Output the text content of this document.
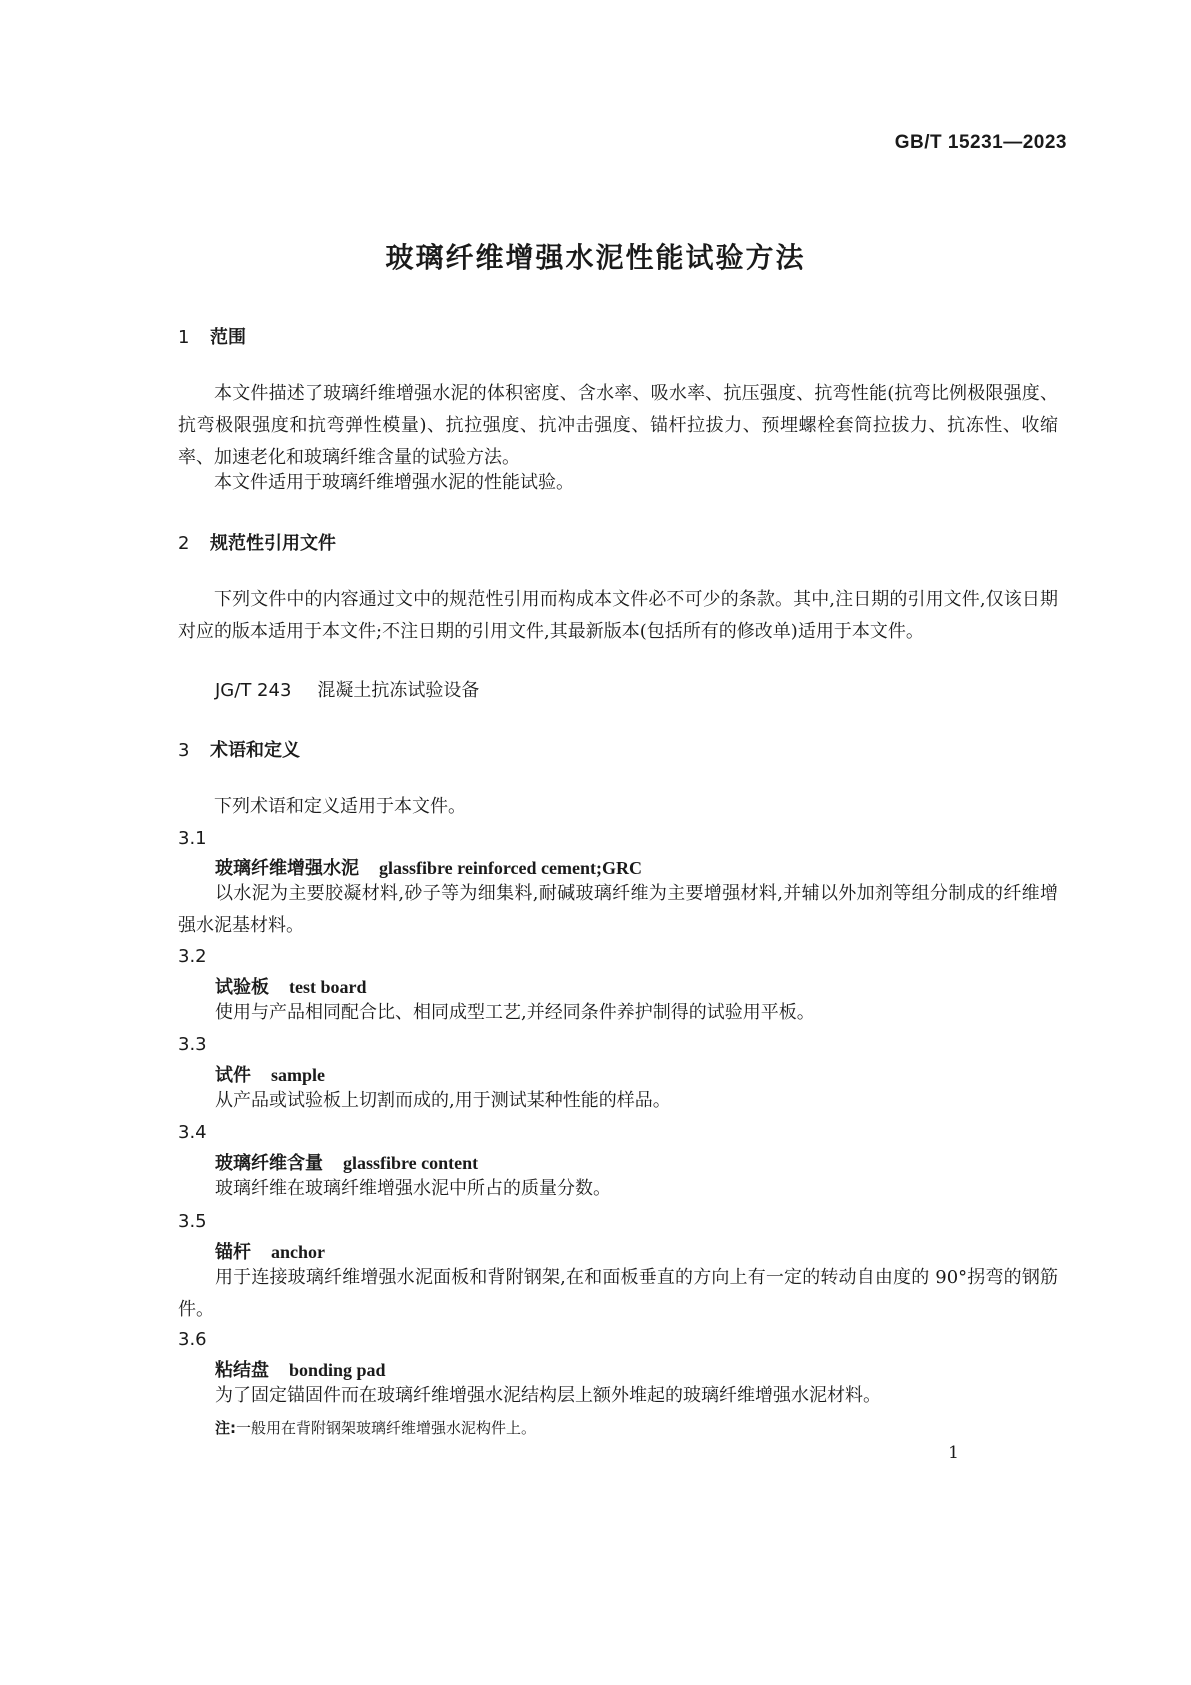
GB/T 15231—2023
玻璃纤维增强水泥性能试验方法
1 范围

本文件描述了玻璃纤维增强水泥的体积密度、含水率、吸水率、抗压强度、抗弯性能(抗弯比例极限强度、抗弯极限强度和抗弯弹性模量)、抗拉强度、抗冲击强度、锚杆拉拔力、预埋螺栓套筒拉拔力、抗冻性、收缩率、加速老化和玻璃纤维含量的试验方法。

本文件适用于玻璃纤维增强水泥的性能试验。

2 规范性引用文件

下列文件中的内容通过文中的规范性引用而构成本文件必不可少的条款。其中,注日期的引用文件,仅该日期对应的版本适用于本文件;不注日期的引用文件,其最新版本(包括所有的修改单)适用于本文件。

JG/T 243 混凝土抗冻试验设备
3 术语和定义

下列术语和定义适用于本文件。

3.1
玻璃纤维增强水泥 glassfibre reinforced cement;GRC

以水泥为主要胶凝材料,砂子等为细集料,耐碱玻璃纤维为主要增强材料,并辅以外加剂等组分制成的纤维增强水泥基材料。

3.2
试验板 test board

使用与产品相同配合比、相同成型工艺,并经同条件养护制得的试验用平板。

3.3
试件 sample

从产品或试验板上切割而成的,用于测试某种性能的样品。

3.4
玻璃纤维含量 glassfibre content

玻璃纤维在玻璃纤维增强水泥中所占的质量分数。

3.5
锚杆 anchor

用于连接玻璃纤维增强水泥面板和背附钢架,在和面板垂直的方向上有一定的转动自由度的 90°拐弯的钢筋件。

3.6
粘结盘 bonding pad

为了固定锚固件而在玻璃纤维增强水泥结构层上额外堆起的玻璃纤维增强水泥材料。

注:一般用在背附钢架玻璃纤维增强水泥构件上。
1
